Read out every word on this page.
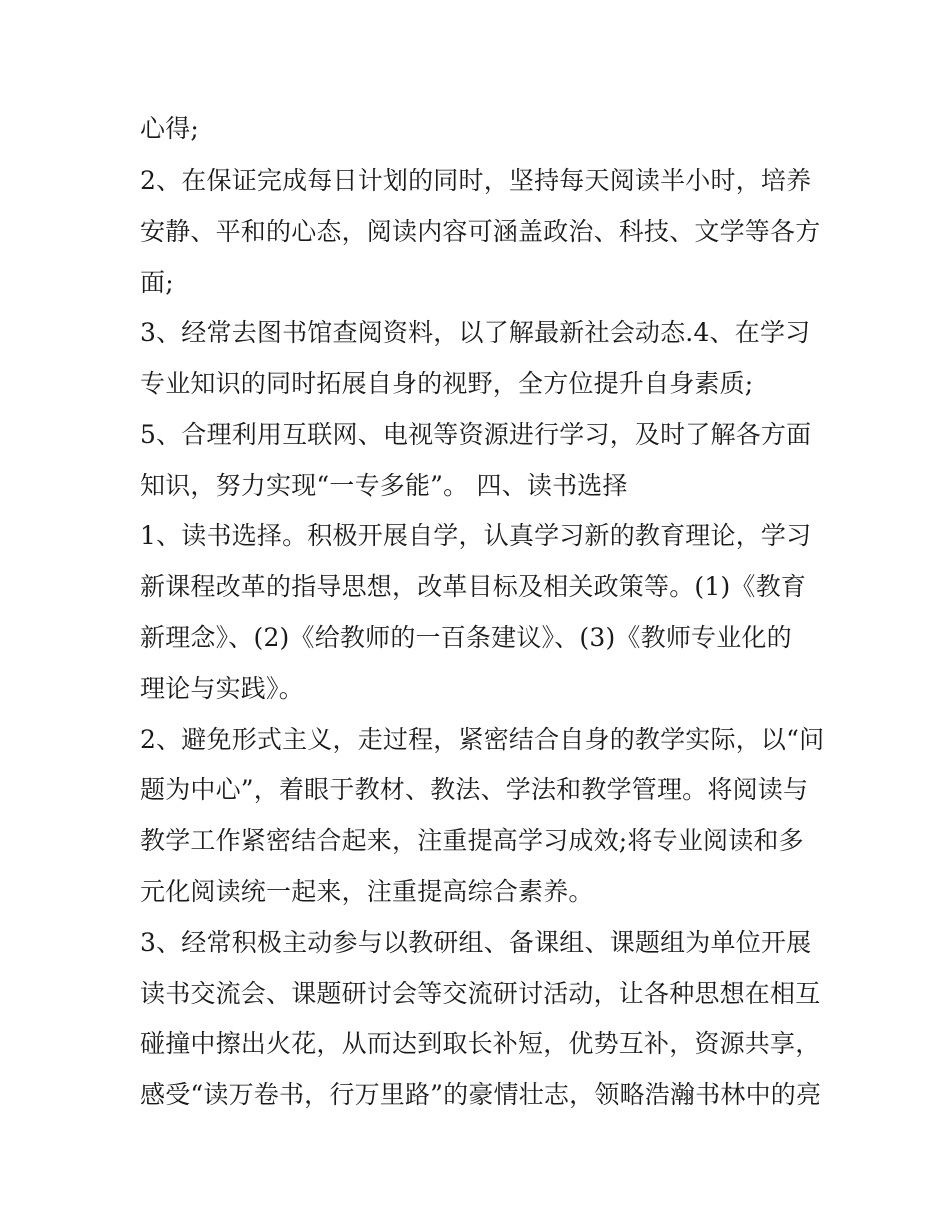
心得;
2、在保证完成每日计划的同时，坚持每天阅读半小时，培养
安静、平和的心态，阅读内容可涵盖政治、科技、文学等各方
面;
3、经常去图书馆查阅资料，以了解最新社会动态.4、在学习
专业知识的同时拓展自身的视野，全方位提升自身素质;
5、合理利用互联网、电视等资源进行学习，及时了解各方面
知识，努力实现“一专多能”。 四、读书选择
1、读书选择。积极开展自学，认真学习新的教育理论，学习
新课程改革的指导思想，改革目标及相关政策等。(1)《教育
新理念》、(2)《给教师的一百条建议》、(3)《教师专业化的
理论与实践》。
2、避免形式主义，走过程，紧密结合自身的教学实际，以“问
题为中心”，着眼于教材、教法、学法和教学管理。将阅读与
教学工作紧密结合起来，注重提高学习成效;将专业阅读和多
元化阅读统一起来，注重提高综合素养。
3、经常积极主动参与以教研组、备课组、课题组为单位开展
读书交流会、课题研讨会等交流研讨活动，让各种思想在相互
碰撞中擦出火花，从而达到取长补短，优势互补，资源共享，
感受“读万卷书，行万里路”的豪情壮志，领略浩瀚书林中的亮
